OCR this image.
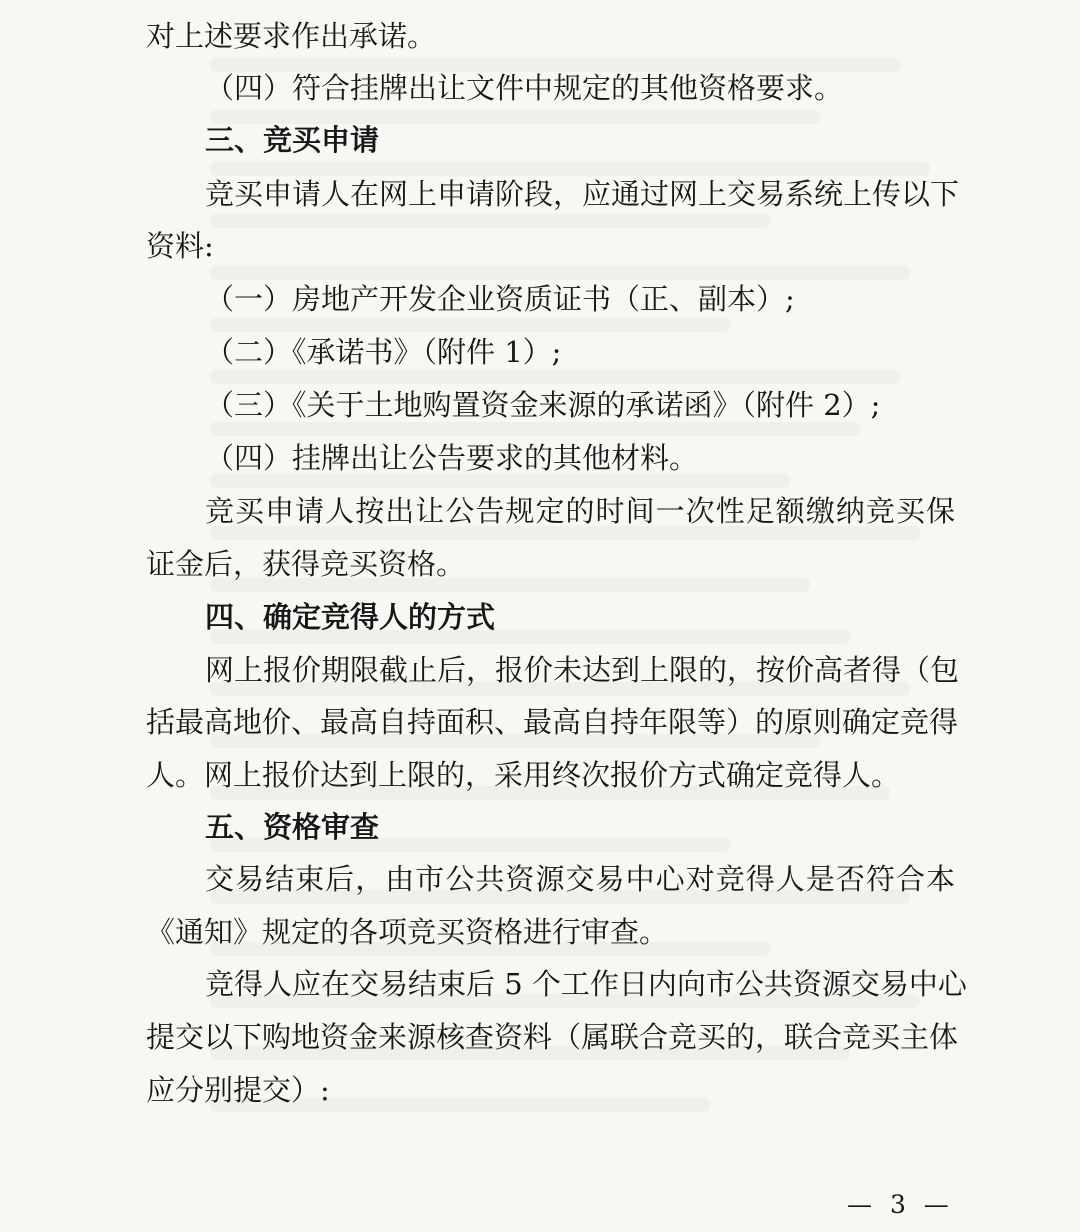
对上述要求作出承诺。
（四）符合挂牌出让文件中规定的其他资格要求。
三、竞买申请
竞买申请人在网上申请阶段，应通过网上交易系统上传以下
资料:
（一）房地产开发企业资质证书（正、副本）;
（二）《承诺书》（附件 1）;
（三）《关于土地购置资金来源的承诺函》（附件 2）;
（四）挂牌出让公告要求的其他材料。
竞买申请人按出让公告规定的时间一次性足额缴纳竞买保
证金后，获得竞买资格。
四、确定竞得人的方式
网上报价期限截止后，报价未达到上限的，按价高者得（包
括最高地价、最高自持面积、最高自持年限等）的原则确定竞得
人。网上报价达到上限的，采用终次报价方式确定竞得人。
五、资格审查
交易结束后，由市公共资源交易中心对竞得人是否符合本
《通知》规定的各项竞买资格进行审查。
竞得人应在交易结束后 5 个工作日内向市公共资源交易中心
提交以下购地资金来源核查资料（属联合竞买的，联合竞买主体
应分别提交）:
— 3 —
